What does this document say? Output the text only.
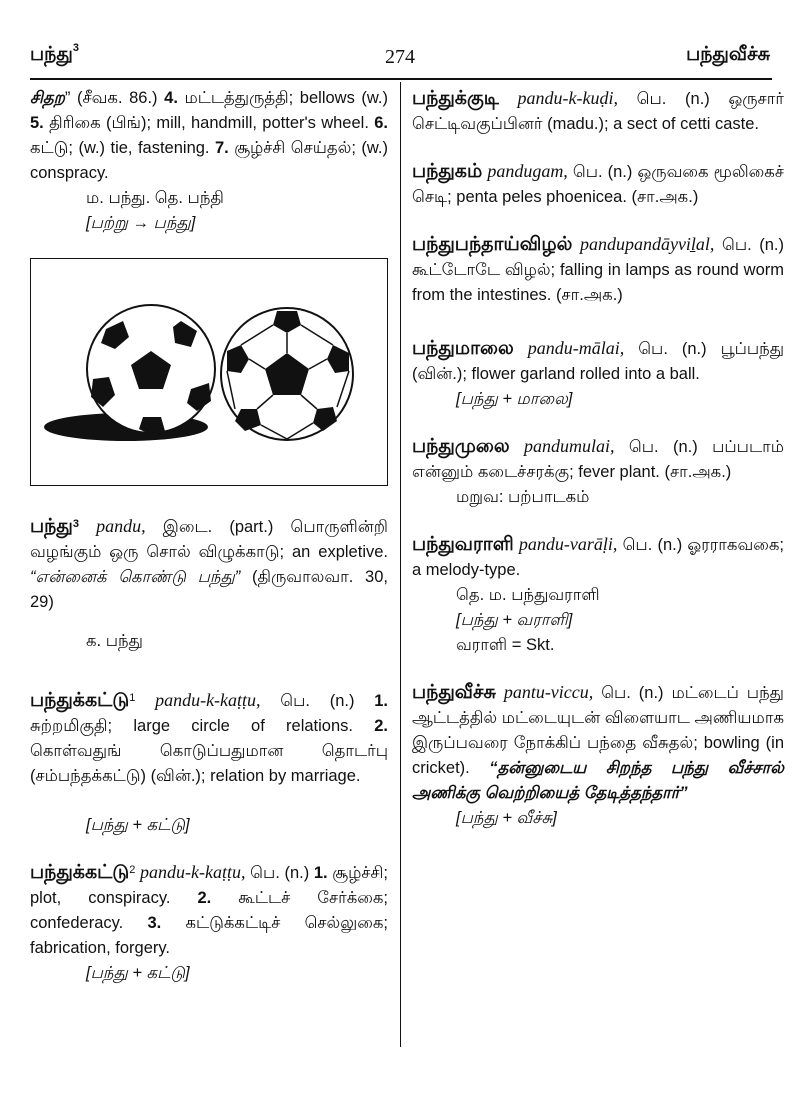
பந்து$^3$	274	பந்துவீச்சு

சிதற” (சீவக. 86.) 4. மட்டத்துருத்தி; bellows (w.) 5. திரிகை (பிங்); mill, handmill, potter's wheel. 6. கட்டு; (w.) tie, fastening. 7. சூழ்ச்சி செய்தல்; (w.) conspracy.

ம. பந்து. தெ. பந்தி

[பற்று → பந்து]

பந்து$^3$ pandu, இடை. (part.) பொருளின்றி வழங்கும் ஒரு சொல் விழுக்காடு; an expletive. “என்னைக் கொண்டு பந்து” (திருவாலவா. 30, 29)

க. பந்து

பந்துக்கட்டு$^1$ pandu-k-kaṭṭu, பெ. (n.) 1. சுற்றமிகுதி; large circle of relations. 2. கொள்வதுங் கொடுப்பதுமான தொடர்பு (சம்பந்தக்கட்டு) (வின்.); relation by marriage.

[பந்து + கட்டு]

பந்துக்கட்டு$^2$ pandu-k-kaṭṭu, பெ. (n.) 1. சூழ்ச்சி; plot, conspiracy. 2. கூட்டச் சேர்க்கை; confederacy. 3. கட்டுக்கட்டிச் செல்லுகை; fabrication, forgery.

[பந்து + கட்டு]

பந்துக்குடி pandu-k-kuḍi, பெ. (n.) ஒருசார் செட்டிவகுப்பினர் (madu.); a sect of cetti caste.

பந்துகம் pandugam, பெ. (n.) ஒருவகை மூலிகைச் செடி; penta peles phoenicea. (சா.அக.)

பந்துபந்தாய்விழல் pandupandāyviḻal, பெ. (n.) கூட்டோடே விழல்; falling in lamps as round worm from the intestines. (சா.அக.)

பந்துமாலை pandu-mālai, பெ. (n.) பூப்பந்து (வின்.); flower garland rolled into a ball.

[பந்து + மாலை]

பந்துமுலை pandumulai, பெ. (n.) பப்படாம் என்னும் கடைச்சரக்கு; fever plant. (சா.அக.)

மறுவ: பற்பாடகம்

பந்துவராளி pandu-varāḷi, பெ. (n.) ஓரராகவகை; a melody-type.

தெ. ம. பந்துவராளி

[பந்து + வராளி]

வராளி = Skt.

பந்துவீச்சு pantu-viccu, பெ. (n.) மட்டைப் பந்து ஆட்டத்தில் மட்டையுடன் விளையாட அணியமாக இருப்பவரை நோக்கிப் பந்தை வீசுதல்; bowling (in cricket). “தன்னுடைய சிறந்த பந்து வீச்சால் அணிக்கு வெற்றியைத் தேடித்தந்தார்”

[பந்து + வீச்சு]
